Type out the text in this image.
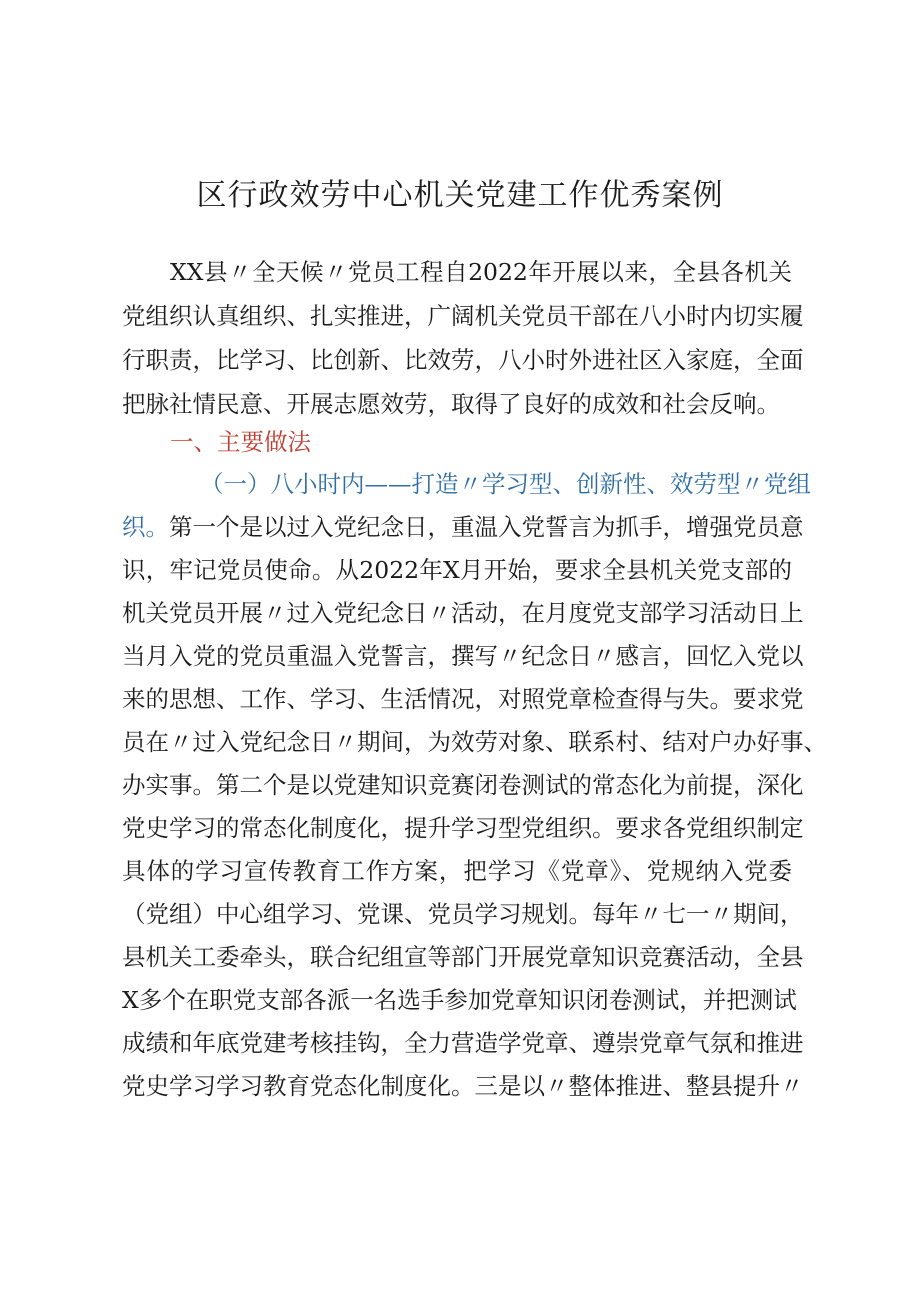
区行政效劳中心机关党建工作优秀案例
XX县〃全天候〃党员工程自2022年开展以来，全县各机关
党组织认真组织、扎实推进，广阔机关党员干部在八小时内切实履
行职责，比学习、比创新、比效劳，八小时外进社区入家庭，全面
把脉社情民意、开展志愿效劳，取得了良好的成效和社会反响。
一、主要做法
（一）八小时内——打造〃学习型、创新性、效劳型〃党组
织。第一个是以过入党纪念日，重温入党誓言为抓手，增强党员意
识，牢记党员使命。从2022年X月开始，要求全县机关党支部的
机关党员开展〃过入党纪念日〃活动，在月度党支部学习活动日上
当月入党的党员重温入党誓言，撰写〃纪念日〃感言，回忆入党以
来的思想、工作、学习、生活情况，对照党章检查得与失。要求党
员在〃过入党纪念日〃期间，为效劳对象、联系村、结对户办好事、
办实事。第二个是以党建知识竞赛闭卷测试的常态化为前提，深化
党史学习的常态化制度化，提升学习型党组织。要求各党组织制定
具体的学习宣传教育工作方案，把学习《党章》、党规纳入党委
（党组）中心组学习、党课、党员学习规划。每年〃七一〃期间，
县机关工委牵头，联合纪组宣等部门开展党章知识竞赛活动，全县
X多个在职党支部各派一名选手参加党章知识闭卷测试，并把测试
成绩和年底党建考核挂钩，全力营造学党章、遵崇党章气氛和推进
党史学习学习教育党态化制度化。三是以〃整体推进、整县提升〃
